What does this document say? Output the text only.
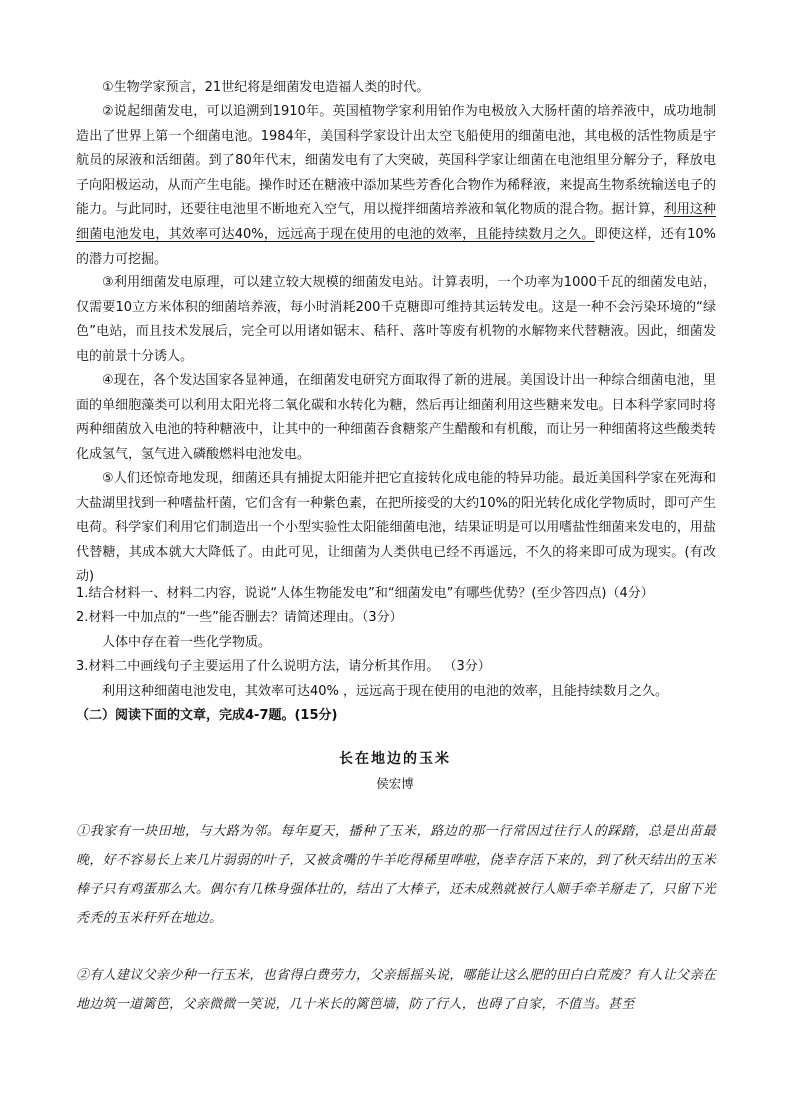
①生物学家预言，21世纪将是细菌发电造福人类的时代。

②说起细菌发电，可以追溯到1910年。英国植物学家利用铂作为电极放入大肠杆菌的培养液中，成功地制造出了世界上第一个细菌电池。1984年，美国科学家设计出太空飞船使用的细菌电池，其电极的活性物质是宇航员的尿液和活细菌。到了80年代末，细菌发电有了大突破，英国科学家让细菌在电池组里分解分子，释放电子向阳极运动，从而产生电能。操作时还在糖液中添加某些芳香化合物作为稀释液，来提高生物系统输送电子的能力。与此同时，还要往电池里不断地充入空气，用以搅拌细菌培养液和氧化物质的混合物。据计算，利用这种细菌电池发电，其效率可达40%，远远高于现在使用的电池的效率，且能持续数月之久。即使这样，还有10%的潜力可挖掘。

③利用细菌发电原理，可以建立较大规模的细菌发电站。计算表明，一个功率为1000千瓦的细菌发电站，仅需要10立方米体积的细菌培养液，每小时消耗200千克糖即可维持其运转发电。这是一种不会污染环境的“绿色”电站，而且技术发展后，完全可以用诸如锯末、秸秆、落叶等废有机物的水解物来代替糖液。因此，细菌发电的前景十分诱人。

④现在，各个发达国家各显神通，在细菌发电研究方面取得了新的进展。美国设计出一种综合细菌电池，里面的单细胞藻类可以利用太阳光将二氧化碳和水转化为糖，然后再让细菌利用这些糖来发电。日本科学家同时将两种细菌放入电池的特种糖液中，让其中的一种细菌吞食糖浆产生醋酸和有机酸，而让另一种细菌将这些酸类转化成氢气，氢气进入磷酸燃料电池发电。

⑤人们还惊奇地发现，细菌还具有捕捉太阳能并把它直接转化成电能的特异功能。最近美国科学家在死海和大盐湖里找到一种嗜盐杆菌，它们含有一种紫色素，在把所接受的大约10%的阳光转化成化学物质时，即可产生电荷。科学家们利用它们制造出一个小型实验性太阳能细菌电池，结果证明是可以用嗜盐性细菌来发电的，用盐代替糖，其成本就大大降低了。由此可见，让细菌为人类供电已经不再遥远，不久的将来即可成为现实。(有改动)

1.结合材料一、材料二内容，说说“人体生物能发电”和“细菌发电”有哪些优势？(至少答四点)（4分）

2.材料一中加点的“一些”能否删去？请简述理由。（3分）

人体中存在着一些化学物质。

3.材料二中画线句子主要运用了什么说明方法，请分析其作用。 （3分）

利用这种细菌电池发电，其效率可达40% ，远远高于现在使用的电池的效率，且能持续数月之久。

（二）阅读下面的文章，完成4-7题。(15分)

长在地边的玉米

侯宏博

①我家有一块田地，与大路为邻。每年夏天，播种了玉米，路边的那一行常因过往行人的踩踏，总是出苗最晚，好不容易长上来几片弱弱的叶子，又被贪嘴的牛羊吃得稀里哗啦，侥幸存活下来的，到了秋天结出的玉米棒子只有鸡蛋那么大。偶尔有几株身强体壮的，结出了大棒子，还未成熟就被行人顺手牵羊掰走了，只留下光秃秃的玉米秆歼在地边。

②有人建议父亲少种一行玉米，也省得白费劳力，父亲摇摇头说，哪能让这么肥的田白白荒废？有人让父亲在地边筑一道篱笆，父亲微微一笑说，几十米长的篱笆墙，防了行人，也碍了自家，不值当。甚至
